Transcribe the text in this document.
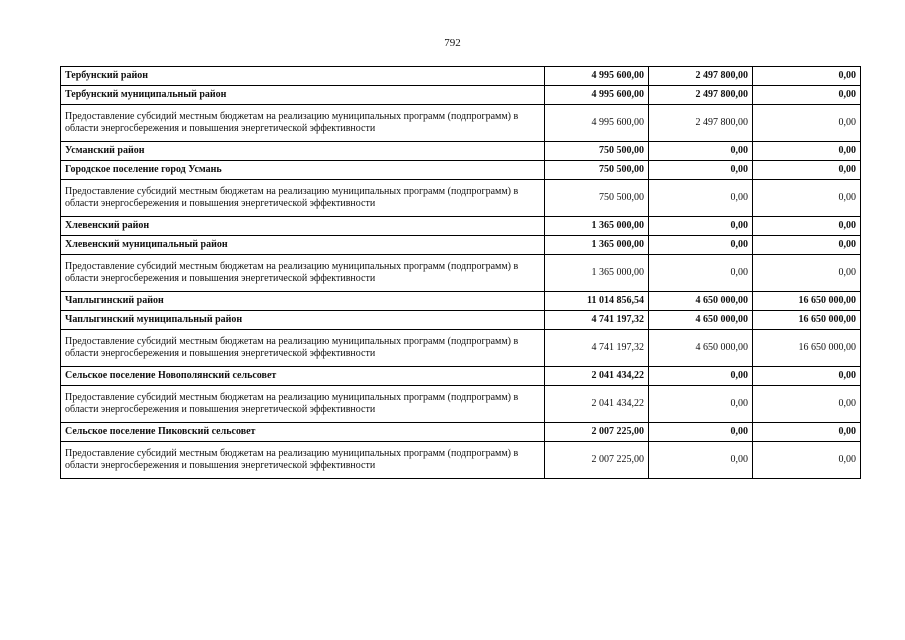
792
Тербунский район	4 995 600,00	2 497 800,00	0,00
Тербунский муниципальный район	4 995 600,00	2 497 800,00	0,00
Предоставление субсидий местным бюджетам на реализацию муниципальных программ (подпрограмм) в области энергосбережения и повышения энергетической эффективности	4 995 600,00	2 497 800,00	0,00
Усманский район	750 500,00	0,00	0,00
Городское поселение город Усмань	750 500,00	0,00	0,00
Предоставление субсидий местным бюджетам на реализацию муниципальных программ (подпрограмм) в области энергосбережения и повышения энергетической эффективности	750 500,00	0,00	0,00
Хлевенский район	1 365 000,00	0,00	0,00
Хлевенский муниципальный район	1 365 000,00	0,00	0,00
Предоставление субсидий местным бюджетам на реализацию муниципальных программ (подпрограмм) в области энергосбережения и повышения энергетической эффективности	1 365 000,00	0,00	0,00
Чаплыгинский район	11 014 856,54	4 650 000,00	16 650 000,00
Чаплыгинский муниципальный район	4 741 197,32	4 650 000,00	16 650 000,00
Предоставление субсидий местным бюджетам на реализацию муниципальных программ (подпрограмм) в области энергосбережения и повышения энергетической эффективности	4 741 197,32	4 650 000,00	16 650 000,00
Сельское поселение Новополянский сельсовет	2 041 434,22	0,00	0,00
Предоставление субсидий местным бюджетам на реализацию муниципальных программ (подпрограмм) в области энергосбережения и повышения энергетической эффективности	2 041 434,22	0,00	0,00
Сельское поселение Пиковский сельсовет	2 007 225,00	0,00	0,00
Предоставление субсидий местным бюджетам на реализацию муниципальных программ (подпрограмм) в области энергосбережения и повышения энергетической эффективности	2 007 225,00	0,00	0,00
